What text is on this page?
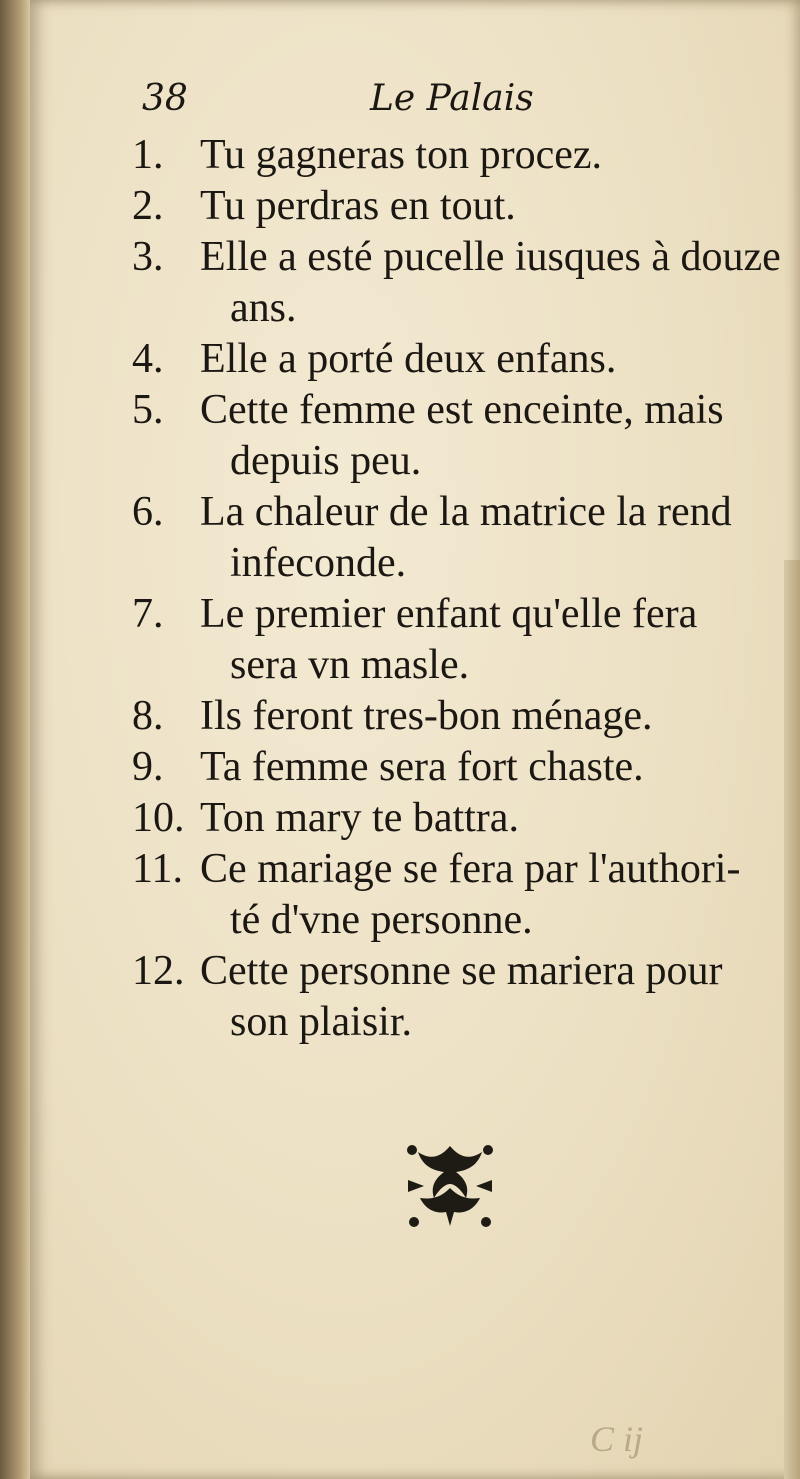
38	Le Palais
1. Tu gagneras ton procez.
2. Tu perdras en tout.
3. Elle a esté pucelle iusques à douze
ans.
4. Elle a porté deux enfans.
5. Cette femme est enceinte, mais
depuis peu.
6. La chaleur de la matrice la rend
infeconde.
7. Le premier enfant qu'elle fera
sera vn masle.
8. Ils feront tres-bon ménage.
9. Ta femme sera fort chaste.
10. Ton mary te battra.
11. Ce mariage se fera par l'authori-
té d'vne personne.
12. Cette personne se mariera pour
son plaisir.
C ij
